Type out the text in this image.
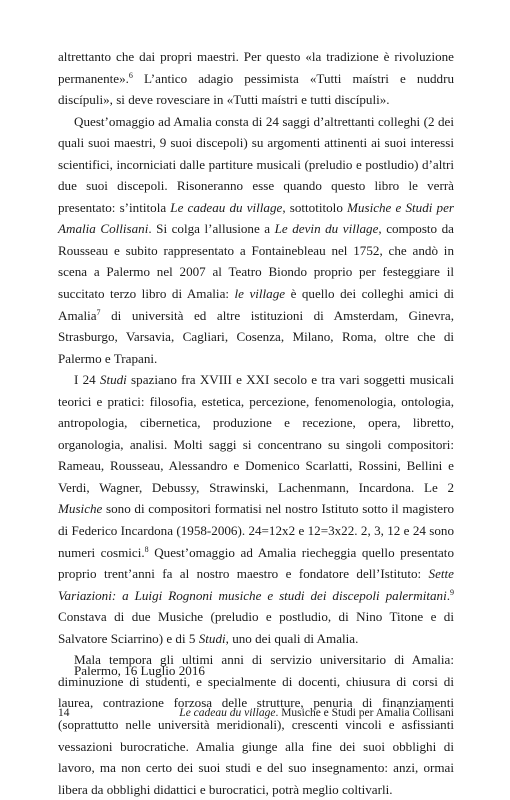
altrettanto che dai propri maestri. Per questo «la tradizione è rivoluzione permanente».$^6$ L’antico adagio pessimista «Tutti maístri e nuddru discípuli», si deve rovesciare in «Tutti maístri e tutti discípuli».

Quest’omaggio ad Amalia consta di 24 saggi d’altrettanti colleghi (2 dei quali suoi maestri, 9 suoi discepoli) su argomenti attinenti ai suoi interessi scientifici, incorniciati dalle partiture musicali (preludio e postludio) d’altri due suoi discepoli. Risoneranno esse quando questo libro le verrà presentato: s’intitola Le cadeau du village, sottotitolo Musiche e Studi per Amalia Collisani. Si colga l’allusione a Le devin du village, composto da Rousseau e subito rappresentato a Fontainebleau nel 1752, che andò in scena a Palermo nel 2007 al Teatro Biondo proprio per festeggiare il succitato terzo libro di Amalia: le village è quello dei colleghi amici di Amalia$^7$ di università ed altre istituzioni di Amsterdam, Ginevra, Strasburgo, Varsavia, Cagliari, Cosenza, Milano, Roma, oltre che di Palermo e Trapani.

I 24 Studi spaziano fra XVIII e XXI secolo e tra vari soggetti musicali teorici e pratici: filosofia, estetica, percezione, fenomenologia, ontologia, antropologia, cibernetica, produzione e recezione, opera, libretto, organologia, analisi. Molti saggi si concentrano su singoli compositori: Rameau, Rousseau, Alessandro e Domenico Scarlatti, Rossini, Bellini e Verdi, Wagner, Debussy, Strawinski, Lachenmann, Incardona. Le 2 Musiche sono di compositori formatisi nel nostro Istituto sotto il magistero di Federico Incardona (1958-2006). 24=12x2 e 12=3x22. 2, 3, 12 e 24 sono numeri cosmici.$^8$ Quest’omaggio ad Amalia riecheggia quello presentato proprio trent’anni fa al nostro maestro e fondatore dell’Istituto: Sette Variazioni: a Luigi Rognoni musiche e studi dei discepoli palermitani.$^9$ Constava di due Musiche (preludio e postludio, di Nino Titone e di Salvatore Sciarrino) e di 5 Studi, uno dei quali di Amalia.

Mala tempora gli ultimi anni di servizio universitario di Amalia: diminuzione di studenti, e specialmente di docenti, chiusura di corsi di laurea, contrazione forzosa delle strutture, penuria di finanziamenti (soprattutto nelle università meridionali), crescenti vincoli e asfissianti vessazioni burocratiche. Amalia giunge alla fine dei suoi obblighi di lavoro, ma non certo dei suoi studi e del suo insegnamento: anzi, ormai libera da obblighi didattici e burocratici, potrà meglio coltivarli.

Palermo, 16 Luglio 2016
14	Le cadeau du village. Musiche e Studi per Amalia Collisani
